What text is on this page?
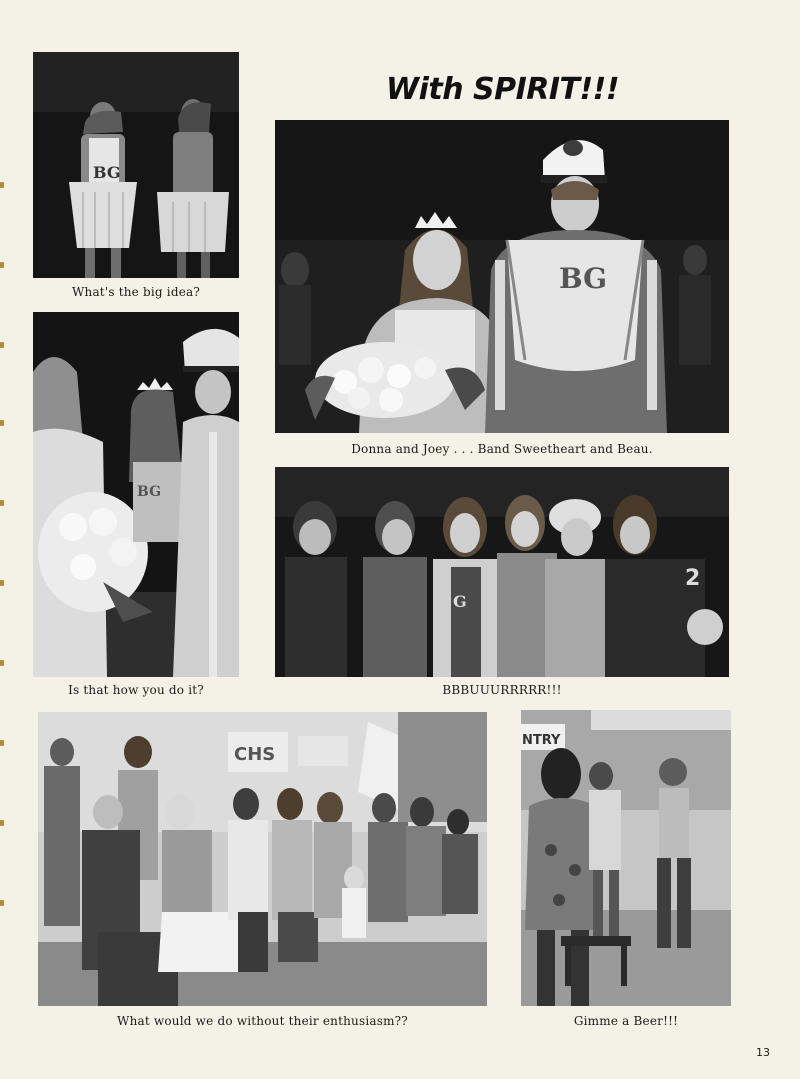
With SPIRIT!!!
BG
What's the big idea?	BG
Donna and Joey . . . Band Sweetheart and Beau.
BG
Is that how you do it?
G
2
BBBUUURRRRR!!!
CHS
What would we do without their enthusiasm??
NTRY
Gimme a Beer!!!
13
